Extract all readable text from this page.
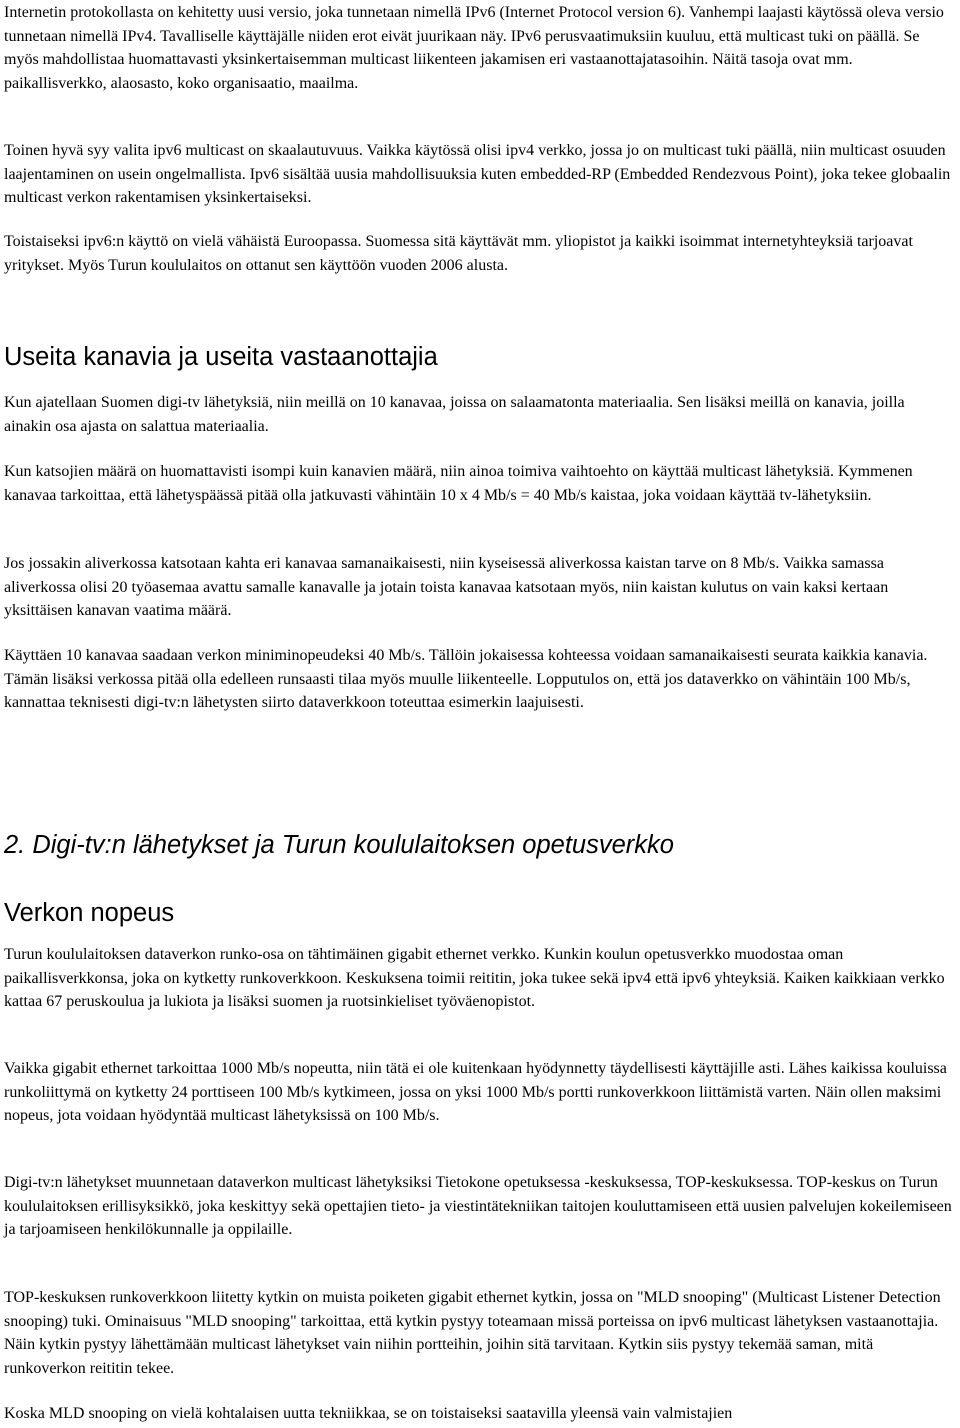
Internetin protokollasta on kehitetty uusi versio, joka tunnetaan nimellä IPv6 (Internet Protocol version 6). Vanhempi laajasti käytössä oleva versio tunnetaan nimellä IPv4. Tavalliselle käyttäjälle niiden erot eivät juurikaan näy. IPv6 perusvaatimuksiin kuuluu, että multicast tuki on päällä. Se myös mahdollistaa huomattavasti yksinkertaisemman multicast liikenteen jakamisen eri vastaanottajatasoihin. Näitä tasoja ovat mm. paikallisverkko, alaosasto, koko organisaatio, maailma.

Toinen hyvä syy valita ipv6 multicast on skaalautuvuus. Vaikka käytössä olisi ipv4 verkko, jossa jo on multicast tuki päällä, niin multicast osuuden laajentaminen on usein ongelmallista. Ipv6 sisältää uusia mahdollisuuksia kuten embedded-RP (Embedded Rendezvous Point), joka tekee globaalin multicast verkon rakentamisen yksinkertaiseksi.

Toistaiseksi ipv6:n käyttö on vielä vähäistä Euroopassa. Suomessa sitä käyttävät mm. yliopistot ja kaikki isoimmat internetyhteyksiä tarjoavat yritykset. Myös Turun koululaitos on ottanut sen käyttöön vuoden 2006 alusta.

Useita kanavia ja useita vastaanottajia

Kun ajatellaan Suomen digi-tv lähetyksiä, niin meillä on 10 kanavaa, joissa on salaamatonta materiaalia. Sen lisäksi meillä on kanavia, joilla ainakin osa ajasta on salattua materiaalia.

Kun katsojien määrä on huomattavisti isompi kuin kanavien määrä, niin ainoa toimiva vaihtoehto on käyttää multicast lähetyksiä. Kymmenen kanavaa tarkoittaa, että lähetyspäässä pitää olla jatkuvasti vähintäin 10 x 4 Mb/s = 40 Mb/s kaistaa, joka voidaan käyttää tv-lähetyksiin.

Jos jossakin aliverkossa katsotaan kahta eri kanavaa samanaikaisesti, niin kyseisessä aliverkossa kaistan tarve on 8 Mb/s. Vaikka samassa aliverkossa olisi 20 työasemaa avattu samalle kanavalle ja jotain toista kanavaa katsotaan myös, niin kaistan kulutus on vain kaksi kertaan yksittäisen kanavan vaatima määrä.

Käyttäen 10 kanavaa saadaan verkon miniminopeudeksi 40 Mb/s. Tällöin jokaisessa kohteessa voidaan samanaikaisesti seurata kaikkia kanavia. Tämän lisäksi verkossa pitää olla edelleen runsaasti tilaa myös muulle liikenteelle. Lopputulos on, että jos dataverkko on vähintäin 100 Mb/s, kannattaa teknisesti digi-tv:n lähetysten siirto dataverkkoon toteuttaa esimerkin laajuisesti.

2. Digi-tv:n lähetykset ja Turun koululaitoksen opetusverkko
Verkon nopeus

Turun koululaitoksen dataverkon runko-osa on tähtimäinen gigabit ethernet verkko. Kunkin koulun opetusverkko muodostaa oman paikallisverkkonsa, joka on kytketty runkoverkkoon. Keskuksena toimii reititin, joka tukee sekä ipv4 että ipv6 yhteyksiä. Kaiken kaikkiaan verkko kattaa 67 peruskoulua ja lukiota ja lisäksi suomen ja ruotsinkieliset työväenopistot.

Vaikka gigabit ethernet tarkoittaa 1000 Mb/s nopeutta, niin tätä ei ole kuitenkaan hyödynnetty täydellisesti käyttäjille asti. Lähes kaikissa kouluissa runkoliittymä on kytketty 24 porttiseen 100 Mb/s kytkimeen, jossa on yksi 1000 Mb/s portti runkoverkkoon liittämistä varten. Näin ollen maksimi nopeus, jota voidaan hyödyntää multicast lähetyksissä on 100 Mb/s.

Digi-tv:n lähetykset muunnetaan dataverkon multicast lähetyksiksi Tietokone opetuksessa -keskuksessa, TOP-keskuksessa. TOP-keskus on Turun koululaitoksen erillisyksikkö, joka keskittyy sekä opettajien tieto- ja viestintätekniikan taitojen kouluttamiseen että uusien palvelujen kokeilemiseen ja tarjoamiseen henkilökunnalle ja oppilaille.

TOP-keskuksen runkoverkkoon liitetty kytkin on muista poiketen gigabit ethernet kytkin, jossa on "MLD snooping" (Multicast Listener Detection snooping) tuki. Ominaisuus "MLD snooping" tarkoittaa, että kytkin pystyy toteamaan missä porteissa on ipv6 multicast lähetyksen vastaanottajia. Näin kytkin pystyy lähettämään multicast lähetykset vain niihin portteihin, joihin sitä tarvitaan. Kytkin siis pystyy tekemää saman, mitä runkoverkon reititin tekee.

Koska MLD snooping on vielä kohtalaisen uutta tekniikkaa, se on toistaiseksi saatavilla yleensä vain valmistajien
